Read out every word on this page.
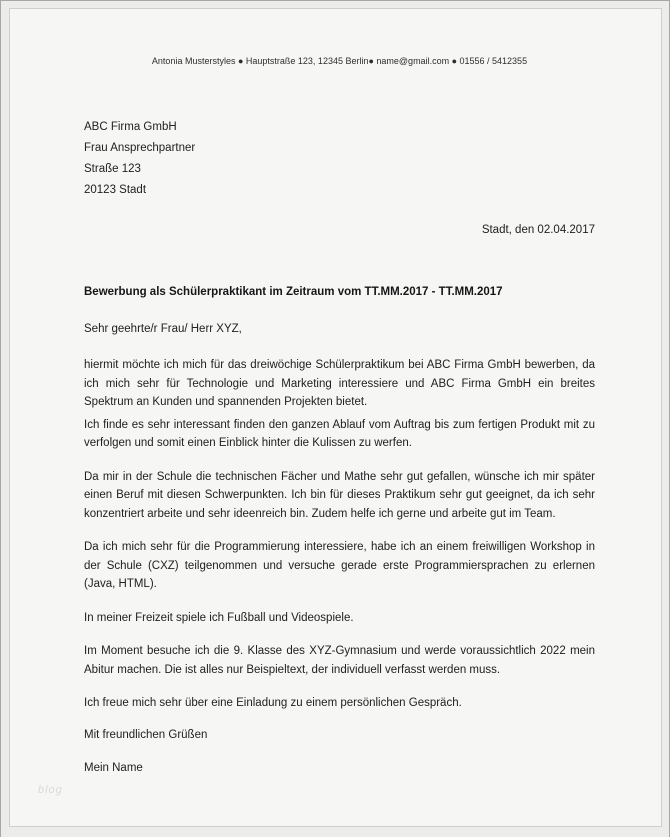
Antonia Musterstyles ● Hauptstraße 123, 12345 Berlin● name@gmail.com ● 01556 / 5412355
ABC Firma GmbH
Frau Ansprechpartner
Straße 123
20123 Stadt
Stadt, den 02.04.2017
Bewerbung als Schülerpraktikant im Zeitraum vom TT.MM.2017 - TT.MM.2017
Sehr geehrte/r Frau/ Herr XYZ,

hiermit möchte ich mich für das dreiwöchige Schülerpraktikum bei ABC Firma GmbH bewerben, da ich mich sehr für Technologie und Marketing interessiere und ABC Firma GmbH ein breites Spektrum an Kunden und spannenden Projekten bietet.

Ich finde es sehr interessant finden den ganzen Ablauf vom Auftrag bis zum fertigen Produkt mit zu verfolgen und somit einen Einblick hinter die Kulissen zu werfen.

Da mir in der Schule die technischen Fächer und Mathe sehr gut gefallen, wünsche ich mir später einen Beruf mit diesen Schwerpunkten. Ich bin für dieses Praktikum sehr gut geeignet, da ich sehr konzentriert arbeite und sehr ideenreich bin. Zudem helfe ich gerne und arbeite gut im Team.

Da ich mich sehr für die Programmierung interessiere, habe ich an einem freiwilligen Workshop in der Schule (CXZ) teilgenommen und versuche gerade erste Programmiersprachen zu erlernen (Java, HTML).

In meiner Freizeit spiele ich Fußball und Videospiele.

Im Moment besuche ich die 9. Klasse des XYZ-Gymnasium und werde voraussichtlich 2022 mein Abitur machen. Die ist alles nur Beispieltext, der individuell verfasst werden muss.

Ich freue mich sehr über eine Einladung zu einem persönlichen Gespräch.

Mit freundlichen Grüßen
Mein Name
blog
